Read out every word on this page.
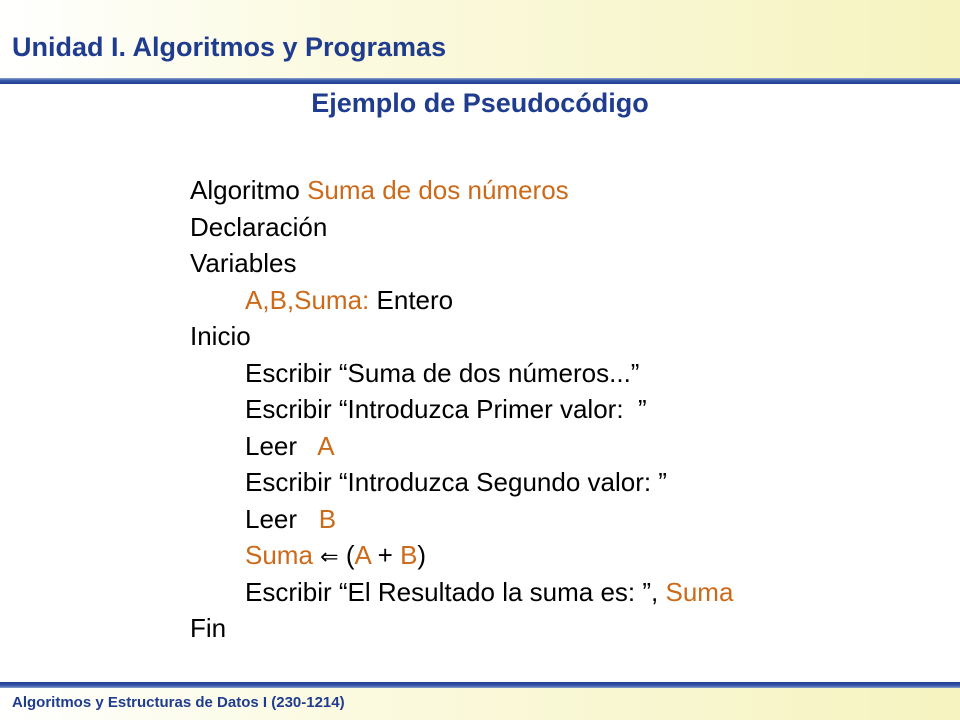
Unidad I. Algoritmos y Programas
Ejemplo de Pseudocódigo
Algoritmo Suma de dos números
Declaración
Variables
A,B,Suma: Entero
Inicio
Escribir “Suma de dos números...”
Escribir “Introduzca Primer valor:  ”
Leer A
Escribir “Introduzca Segundo valor: ”
Leer B
Suma ⇐ (A + B)
Escribir “El Resultado la suma es: ”, Suma
Fin
Algoritmos y Estructuras de Datos I (230-1214)
